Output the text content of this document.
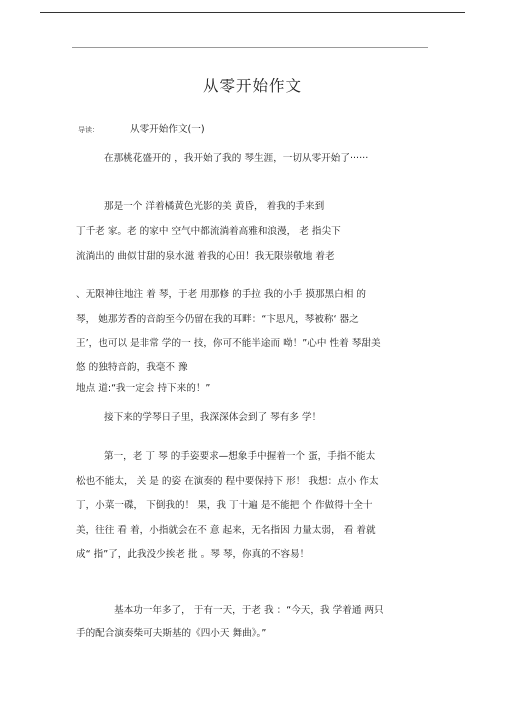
从零开始作文
导读：	从零开始作文(一)
在那桃花盛开的 ，我开始了我的 琴生涯，一切从零开始了······
那是一个 洋着橘黄色光影的美 黄昏， 着我的手来到
丁千老 家。老 的家中 空气中都流淌着高雅和浪漫， 老 指尖下
流淌出的 曲似甘甜的泉水滋 着我的心田！我无限崇敬地 着老
、无限神往地注 着 琴，于老 用那修 的手拉 我的小手 摸那黑白相 的
琴， 她那芳香的音韵至今仍留在我的耳畔：“卞思凡，琴被称‘ 器之
王’，也可以 是非常 学的一 技，你可不能半途而 呦！”心中 性着 琴甜美
悠 的独特音韵，我毫不 豫
地点 道:“我一定会 持下来的！”
接下来的学琴日子里，我深深体会到了 琴有多 学！
第一，老 丁 琴 的手姿要求—想象手中握着一个 蛋，手指不能太
松也不能太， 关 是 的姿 在演奏的 程中要保持下 形！ 我想：点小 作太
丁，小菜一碟， 下倒我的！ 果，我 丁十遍 是不能把 个 作做得十全十
美，往往 看 着，小指就会在不 意 起来，无名指因 力量太弱， 看 着就
成“ 指”了，此我没少挨老 批 。琴 琴，你真的不容易！
基本功一年多了， 于有一天，于老 我 ：“今天，我 学着通 两只
手的配合演奏柴可夫斯基的《四小天 舞曲》。”
